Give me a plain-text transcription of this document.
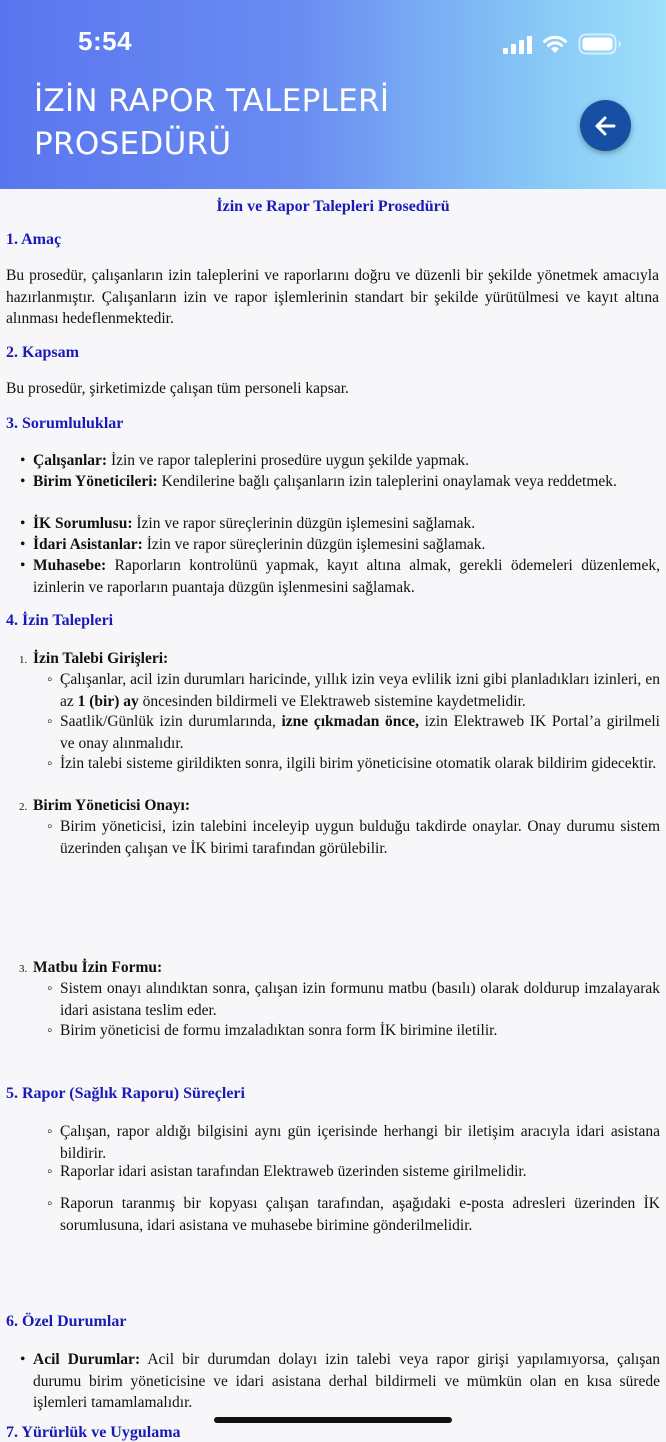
5:54
İZİN RAPOR TALEPLERİ PROSEDÜRÜ
İzin ve Rapor Talepleri Prosedürü
1. Amaç
Bu prosedür, çalışanların izin taleplerini ve raporlarını doğru ve düzenli bir şekilde yönetmek amacıyla hazırlanmıştır. Çalışanların izin ve rapor işlemlerinin standart bir şekilde yürütülmesi ve kayıt altına alınması hedeflenmektedir.
2. Kapsam
Bu prosedür, şirketimizde çalışan tüm personeli kapsar.
3. Sorumluluklar
• Çalışanlar: İzin ve rapor taleplerini prosedüre uygun şekilde yapmak.
• Birim Yöneticileri: Kendilerine bağlı çalışanların izin taleplerini onaylamak veya reddetmek.
• İK Sorumlusu: İzin ve rapor süreçlerinin düzgün işlemesini sağlamak.
• İdari Asistanlar: İzin ve rapor süreçlerinin düzgün işlemesini sağlamak.
• Muhasebe: Raporların kontrolünü yapmak, kayıt altına almak, gerekli ödemeleri düzenlemek, izinlerin ve raporların puantaja düzgün işlenmesini sağlamak.
4. İzin Talepleri
1. İzin Talebi Girişleri:
◦ Çalışanlar, acil izin durumları haricinde, yıllık izin veya evlilik izni gibi planladıkları izinleri, en az 1 (bir) ay öncesinden bildirmeli ve Elektraweb sistemine kaydetmelidir.
◦ Saatlik/Günlük izin durumlarında, izne çıkmadan önce, izin Elektraweb IK Portal’a girilmeli ve onay alınmalıdır.
◦ İzin talebi sisteme girildikten sonra, ilgili birim yöneticisine otomatik olarak bildirim gidecektir.
2. Birim Yöneticisi Onayı:
◦ Birim yöneticisi, izin talebini inceleyip uygun bulduğu takdirde onaylar. Onay durumu sistem üzerinden çalışan ve İK birimi tarafından görülebilir.
3. Matbu İzin Formu:
◦ Sistem onayı alındıktan sonra, çalışan izin formunu matbu (basılı) olarak doldurup imzalayarak idari asistana teslim eder.
◦ Birim yöneticisi de formu imzaladıktan sonra form İK birimine iletilir.
5. Rapor (Sağlık Raporu) Süreçleri
◦ Çalışan, rapor aldığı bilgisini aynı gün içerisinde herhangi bir iletişim aracıyla idari asistana bildirir.
◦ Raporlar idari asistan tarafından Elektraweb üzerinden sisteme girilmelidir.
◦ Raporun taranmış bir kopyası çalışan tarafından, aşağıdaki e-posta adresleri üzerinden İK sorumlusuna, idari asistana ve muhasebe birimine gönderilmelidir.
6. Özel Durumlar
• Acil Durumlar: Acil bir durumdan dolayı izin talebi veya rapor girişi yapılamıyorsa, çalışan durumu birim yöneticisine ve idari asistana derhal bildirmeli ve mümkün olan en kısa sürede işlemleri tamamlamalıdır.
7. Yürürlük ve Uygulama
